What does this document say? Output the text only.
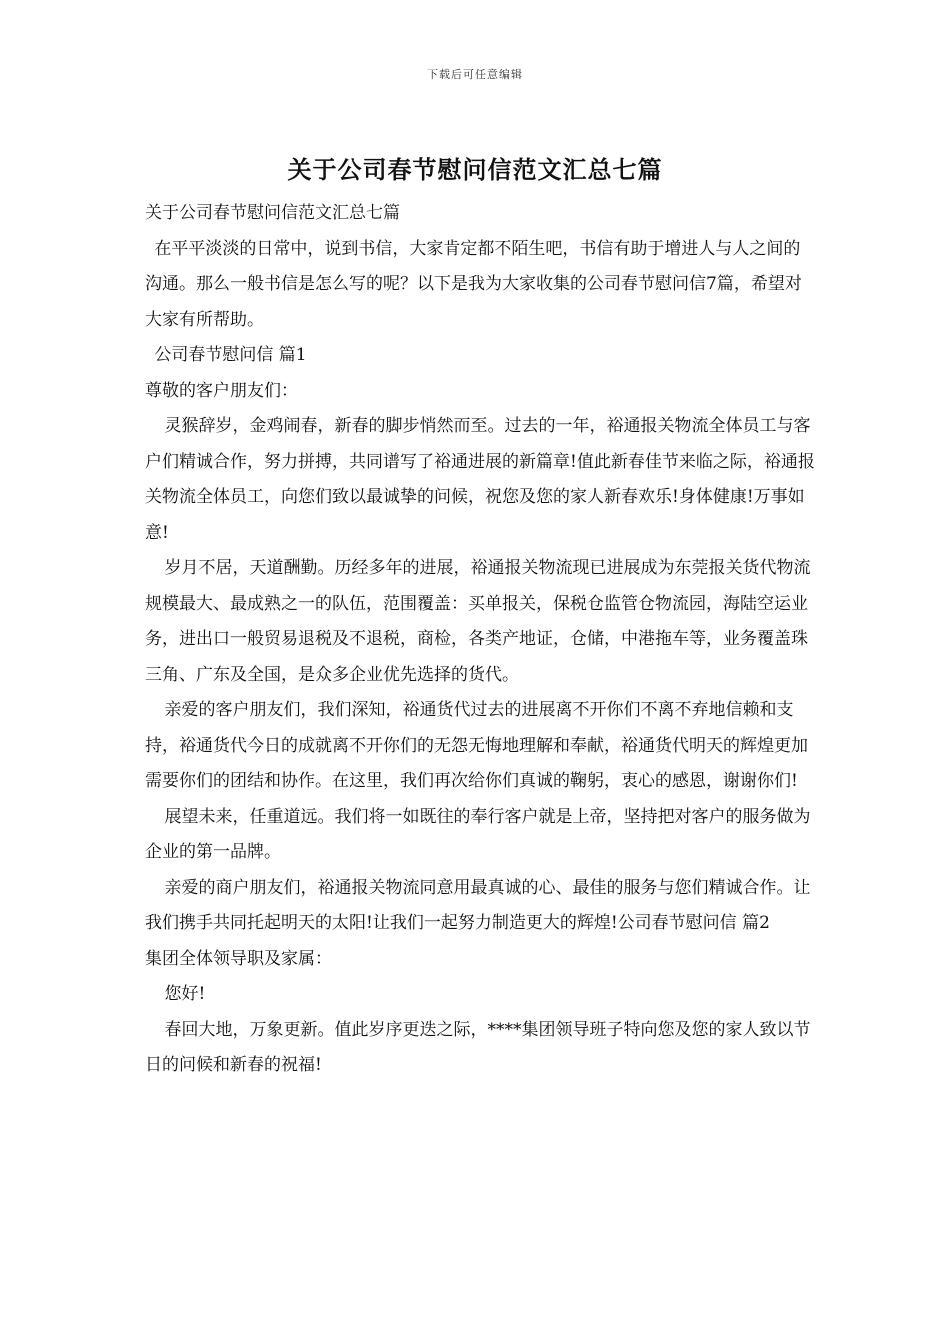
下载后可任意编辑
关于公司春节慰问信范文汇总七篇

关于公司春节慰问信范文汇总七篇

在平平淡淡的日常中，说到书信，大家肯定都不陌生吧，书信有助于增进人与人之间的沟通。那么一般书信是怎么写的呢？以下是我为大家收集的公司春节慰问信7篇，希望对大家有所帮助。

公司春节慰问信 篇1

尊敬的客户朋友们：

灵猴辞岁，金鸡闹春，新春的脚步悄然而至。过去的一年，裕通报关物流全体员工与客户们精诚合作，努力拼搏，共同谱写了裕通进展的新篇章!值此新春佳节来临之际，裕通报关物流全体员工，向您们致以最诚挚的问候，祝您及您的家人新春欢乐!身体健康!万事如意!

岁月不居，天道酬勤。历经多年的进展，裕通报关物流现已进展成为东莞报关货代物流规模最大、最成熟之一的队伍，范围覆盖：买单报关，保税仓监管仓物流园，海陆空运业务，进出口一般贸易退税及不退税，商检，各类产地证，仓储，中港拖车等，业务覆盖珠三角、广东及全国，是众多企业优先选择的货代。

亲爱的客户朋友们，我们深知，裕通货代过去的进展离不开你们不离不弃地信赖和支持，裕通货代今日的成就离不开你们的无怨无悔地理解和奉献，裕通货代明天的辉煌更加需要你们的团结和协作。在这里，我们再次给你们真诚的鞠躬，衷心的感恩，谢谢你们!

展望未来，任重道远。我们将一如既往的奉行客户就是上帝，坚持把对客户的服务做为企业的第一品牌。

亲爱的商户朋友们，裕通报关物流同意用最真诚的心、最佳的服务与您们精诚合作。让我们携手共同托起明天的太阳!让我们一起努力制造更大的辉煌!公司春节慰问信 篇2

集团全体领导职及家属：

您好!

春回大地，万象更新。值此岁序更迭之际，****集团领导班子特向您及您的家人致以节日的问候和新春的祝福!
